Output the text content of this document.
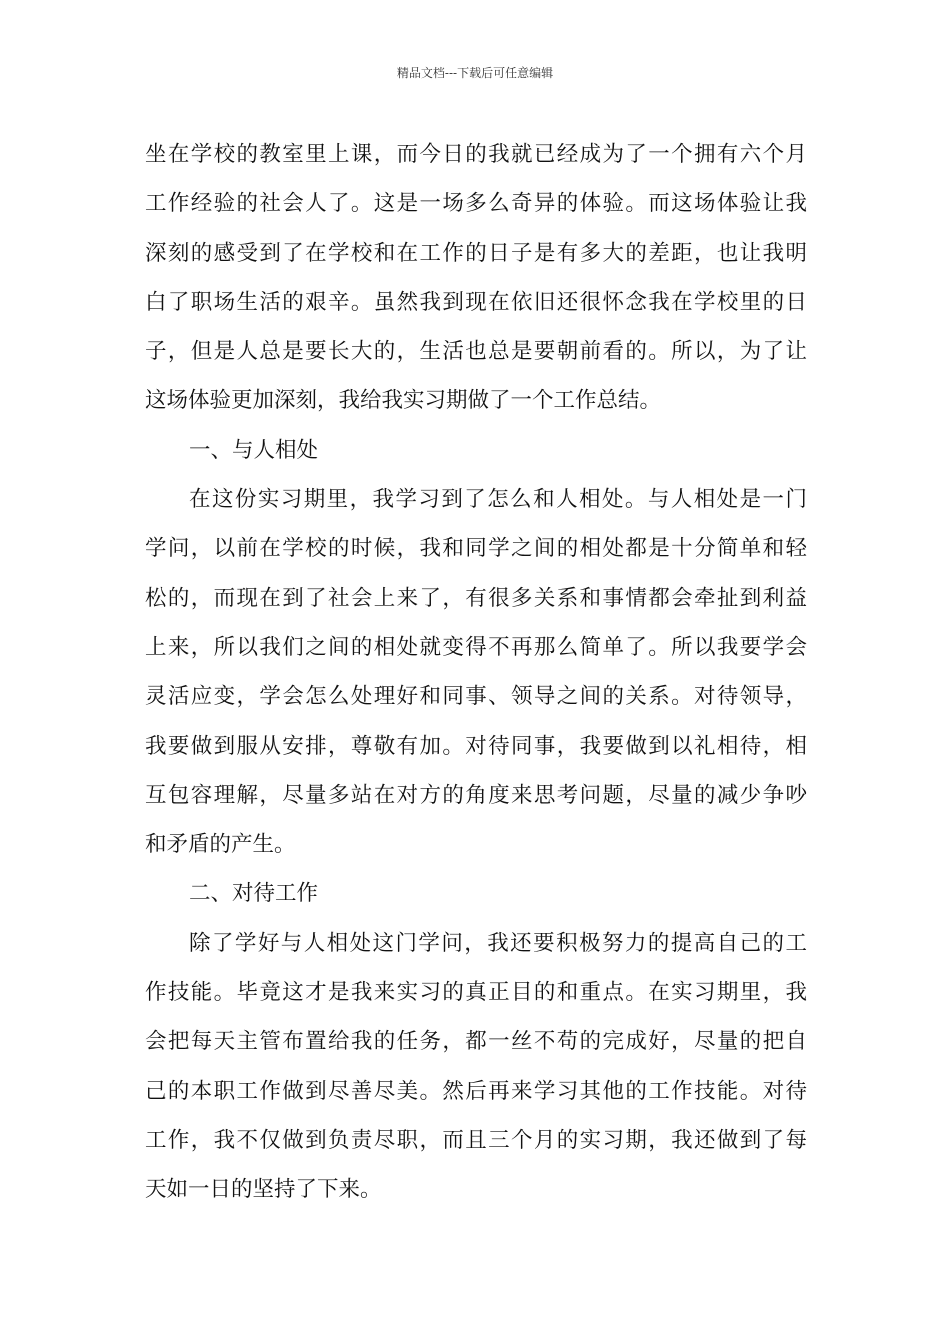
精品文档---下载后可任意编辑
坐在学校的教室里上课，而今日的我就已经成为了一个拥有六个月
工作经验的社会人了。这是一场多么奇异的体验。而这场体验让我
深刻的感受到了在学校和在工作的日子是有多大的差距，也让我明
白了职场生活的艰辛。虽然我到现在依旧还很怀念我在学校里的日
子，但是人总是要长大的，生活也总是要朝前看的。所以，为了让
这场体验更加深刻，我给我实习期做了一个工作总结。
一、与人相处
在这份实习期里，我学习到了怎么和人相处。与人相处是一门
学问，以前在学校的时候，我和同学之间的相处都是十分简单和轻
松的，而现在到了社会上来了，有很多关系和事情都会牵扯到利益
上来，所以我们之间的相处就变得不再那么简单了。所以我要学会
灵活应变，学会怎么处理好和同事、领导之间的关系。对待领导，
我要做到服从安排，尊敬有加。对待同事，我要做到以礼相待，相
互包容理解，尽量多站在对方的角度来思考问题，尽量的减少争吵
和矛盾的产生。
二、对待工作
除了学好与人相处这门学问，我还要积极努力的提高自己的工
作技能。毕竟这才是我来实习的真正目的和重点。在实习期里，我
会把每天主管布置给我的任务，都一丝不苟的完成好，尽量的把自
己的本职工作做到尽善尽美。然后再来学习其他的工作技能。对待
工作，我不仅做到负责尽职，而且三个月的实习期，我还做到了每
天如一日的坚持了下来。
